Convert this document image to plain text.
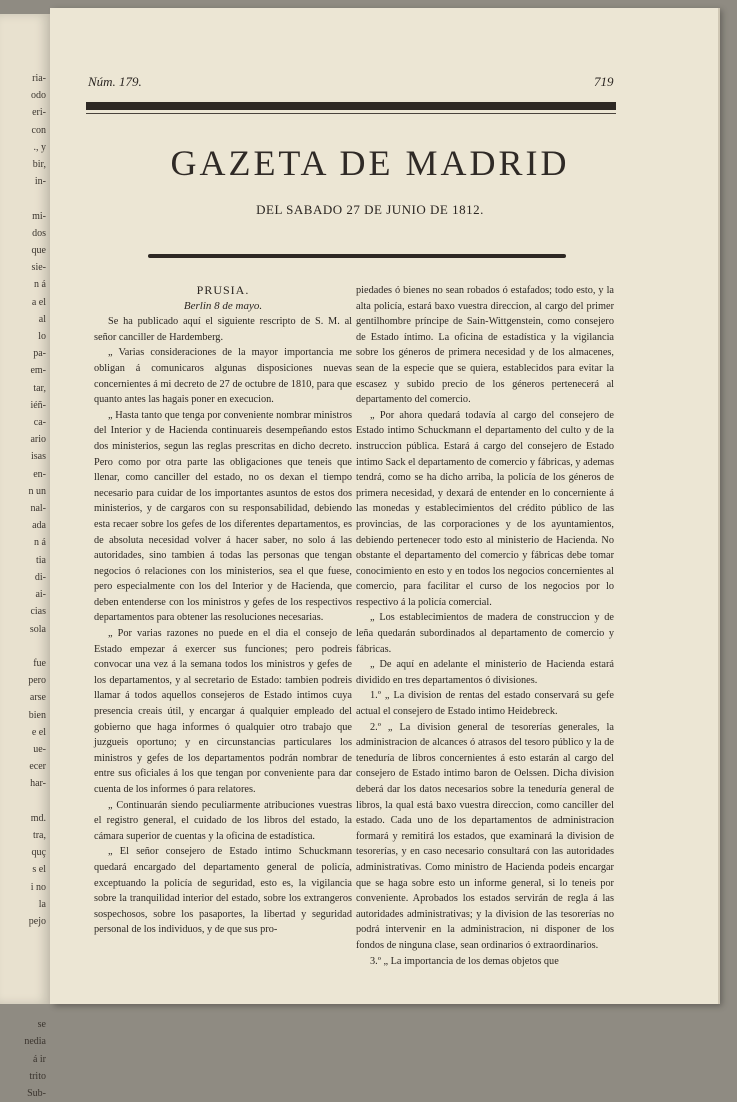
ria-
odo
eri-
con
., y
bir,
in-

mi-
dos
que
sie-
n á
a el
al
lo
pa-
em-
tar,
iéñ-
ca-
ario
isas
en-
n un
nal-
ada
n á
tia
di-
ai-
cias
sola

fue
pero
arse
bien
e el
ue-
ecer
har-

md.
tra,
quç
s el
i no
la
pejo

se
nedia
á ir
trito
Sub-
Núm. 179.	719
GAZETA DE MADRID
DEL SABADO 27 DE JUNIO DE 1812.

PRUSIA.

Berlin 8 de mayo.

Se ha publicado aquí el siguiente rescripto de S. M. al señor canciller de Hardemberg.

„ Varias consideraciones de la mayor importancia me obligan á comunicaros algunas disposiciones nuevas concernientes á mi decreto de 27 de octubre de 1810, para que quanto antes las hagais poner en execucion.

„ Hasta tanto que tenga por conveniente nombrar ministros del Interior y de Hacienda continuareis desempeñando estos dos ministerios, segun las reglas prescritas en dicho decreto. Pero como por otra parte las obligaciones que teneis que llenar, como canciller del estado, no os dexan el tiempo necesario para cuidar de los importantes asuntos de estos dos ministerios, y de cargaros con su responsabilidad, debiendo esta recaer sobre los gefes de los diferentes departamentos, es de absoluta necesidad volver á hacer saber, no solo á las autoridades, sino tambien á todas las personas que tengan negocios ó relaciones con los ministerios, sea el que fuese, pero especialmente con los del Interior y de Hacienda, que deben entenderse con los ministros y gefes de los respectivos departamentos para obtener las resoluciones necesarias.

„ Por varias razones no puede en el dia el consejo de Estado empezar á exercer sus funciones; pero podreis convocar una vez á la semana todos los ministros y gefes de los departamentos, y al secretario de Estado: tambien podreis llamar á todos aquellos consejeros de Estado intimos cuya presencia creais útil, y encargar á qualquier empleado del gobierno que haga informes ó qualquier otro trabajo que juzgueis oportuno; y en circunstancias particulares los ministros y gefes de los departamentos podrán nombrar de entre sus oficiales á los que tengan por conveniente para dar cuenta de los informes ó para relatores.

„ Continuarán siendo peculiarmente atribuciones vuestras el registro general, el cuidado de los libros del estado, la cámara superior de cuentas y la oficina de estadística.

„ El señor consejero de Estado intimo Schuckmann quedará encargado del departamento general de policía, exceptuando la policía de seguridad, esto es, la vigilancia sobre la tranquilidad interior del estado, sobre los extrangeros sospechosos, sobre los pasaportes, la libertad y seguridad personal de los individuos, y de que sus pro-

piedades ó bienes no sean robados ó estafados; todo esto, y la alta policía, estará baxo vuestra direccion, al cargo del primer gentilhombre príncipe de Sain-Wittgenstein, como consejero de Estado íntimo. La oficina de estadística y la vigilancia sobre los géneros de primera necesidad y de los almacenes, sean de la especie que se quiera, establecidos para evitar la escasez y subido precio de los géneros pertenecerá al departamento del comercio.

„ Por ahora quedará todavía al cargo del consejero de Estado intimo Schuckmann el departamento del culto y de la instruccion pública. Estará á cargo del consejero de Estado intimo Sack el departamento de comercio y fábricas, y ademas tendrá, como se ha dicho arriba, la policía de los géneros de primera necesidad, y dexará de entender en lo concerniente á las monedas y establecimientos del crédito público de las provincias, de las corporaciones y de los ayuntamientos, debiendo pertenecer todo esto al ministerio de Hacienda. No obstante el departamento del comercio y fábricas debe tomar conocimiento en esto y en todos los negocios concernientes al comercio, para facilitar el curso de los negocios por lo respectivo á la policía comercial.

„ Los establecimientos de madera de construccion y de leña quedarán subordinados al departamento de comercio y fábricas.

„ De aquí en adelante el ministerio de Hacienda estará dividido en tres departamentos ó divisiones.

1.º „ La division de rentas del estado conservará su gefe actual el consejero de Estado intimo Heidebreck.

2.º „ La division general de tesorerías generales, la administracion de alcances ó atrasos del tesoro público y la de teneduría de libros concernientes á esto estarán al cargo del consejero de Estado intimo baron de Oelssen. Dicha division deberá dar los datos necesarios sobre la teneduría general de libros, la qual está baxo vuestra direccion, como canciller del estado. Cada uno de los departamentos de administracion formará y remitirá los estados, que examinará la division de tesorerías, y en caso necesario consultará con las autoridades administrativas. Como ministro de Hacienda podeis encargar que se haga sobre esto un informe general, si lo teneis por conveniente. Aprobados los estados servirán de regla á las autoridades administrativas; y la division de las tesorerías no podrá intervenir en la administracion, ni disponer de los fondos de ninguna clase, sean ordinarios ó extraordinarios.

3.º „ La importancia de los demas objetos que
